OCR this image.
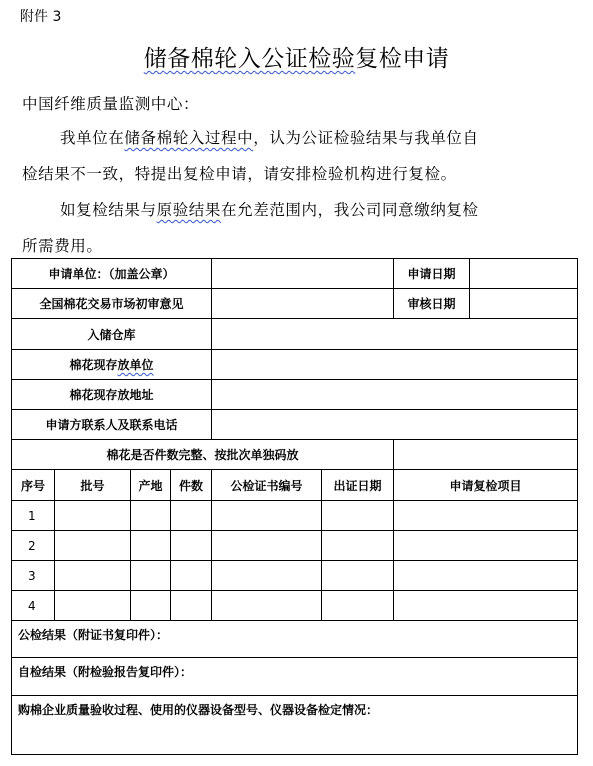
附件 3
储备棉轮入公证检验复检申请
中国纤维质量监测中心：
我单位在储备棉轮入过程中，认为公证检验结果与我单位自
检结果不一致，特提出复检申请，请安排检验机构进行复检。
如复检结果与原验结果在允差范围内，我公司同意缴纳复检
所需费用。
申请单位：（加盖公章）						申请日期	
全国棉花交易市场初审意见						审核日期	
入储仓库							
棉花现存放单位							
棉花现存放地址							
申请方联系人及联系电话							
棉花是否件数完整、按批次单独码放							
序号	批号	产地	件数	公检证书编号	出证日期	申请复检项目	
1							
2							
3							
4							
公检结果（附证书复印件）：							
自检结果（附检验报告复印件）：							
购棉企业质量验收过程、使用的仪器设备型号、仪器设备检定情况：							
